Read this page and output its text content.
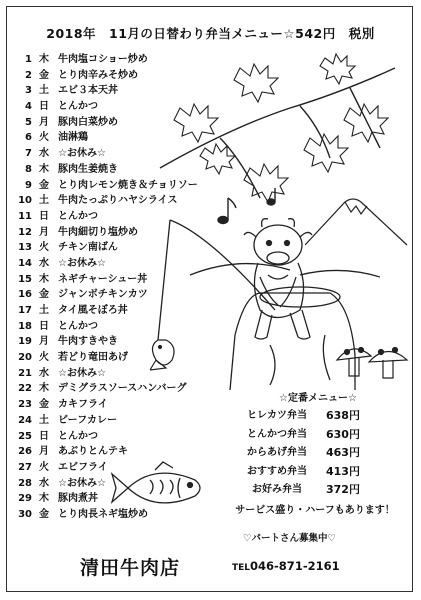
2018年　11月の日替わり弁当メニュー☆542円　税別
1 木 牛肉塩コショー炒め
2 金 とり肉辛みそ炒め
3 土 エビ３本天丼
4 日 とんかつ
5 月 豚肉白菜炒め
6 火 油淋鶏
7 水 ☆お休み☆
8 木 豚肉生姜焼き
9 金 とり肉レモン焼き＆チョリソー
10 土 牛肉たっぷりハヤシライス
11 日 とんかつ
12 月 牛肉細切り塩炒め
13 火 チキン南ばん
14 水 ☆お休み☆
15 木 ネギチャーシュー丼
16 金 ジャンボチキンカツ
17 土 タイ風そぼろ丼
18 日 とんかつ
19 月 牛肉すきやき
20 火 若どり竜田あげ
21 水 ☆お休み☆
22 木 デミグラスソースハンバーグ
23 金 カキフライ
24 土 ビーフカレー
25 日 とんかつ
26 月 あぶりとんテキ
27 火 エビフライ
28 水 ☆お休み☆
29 木 豚肉煮丼
30 金 とり肉長ネギ塩炒め
☆定番メニュー☆
ヒレカツ弁当	638円
とんかつ弁当	630円
からあげ弁当	463円
おすすめ弁当	413円
お好み弁当	372円
サービス盛り・ハーフもあります！
♡パートさん募集中♡
清田牛肉店	TEL046-871-2161
